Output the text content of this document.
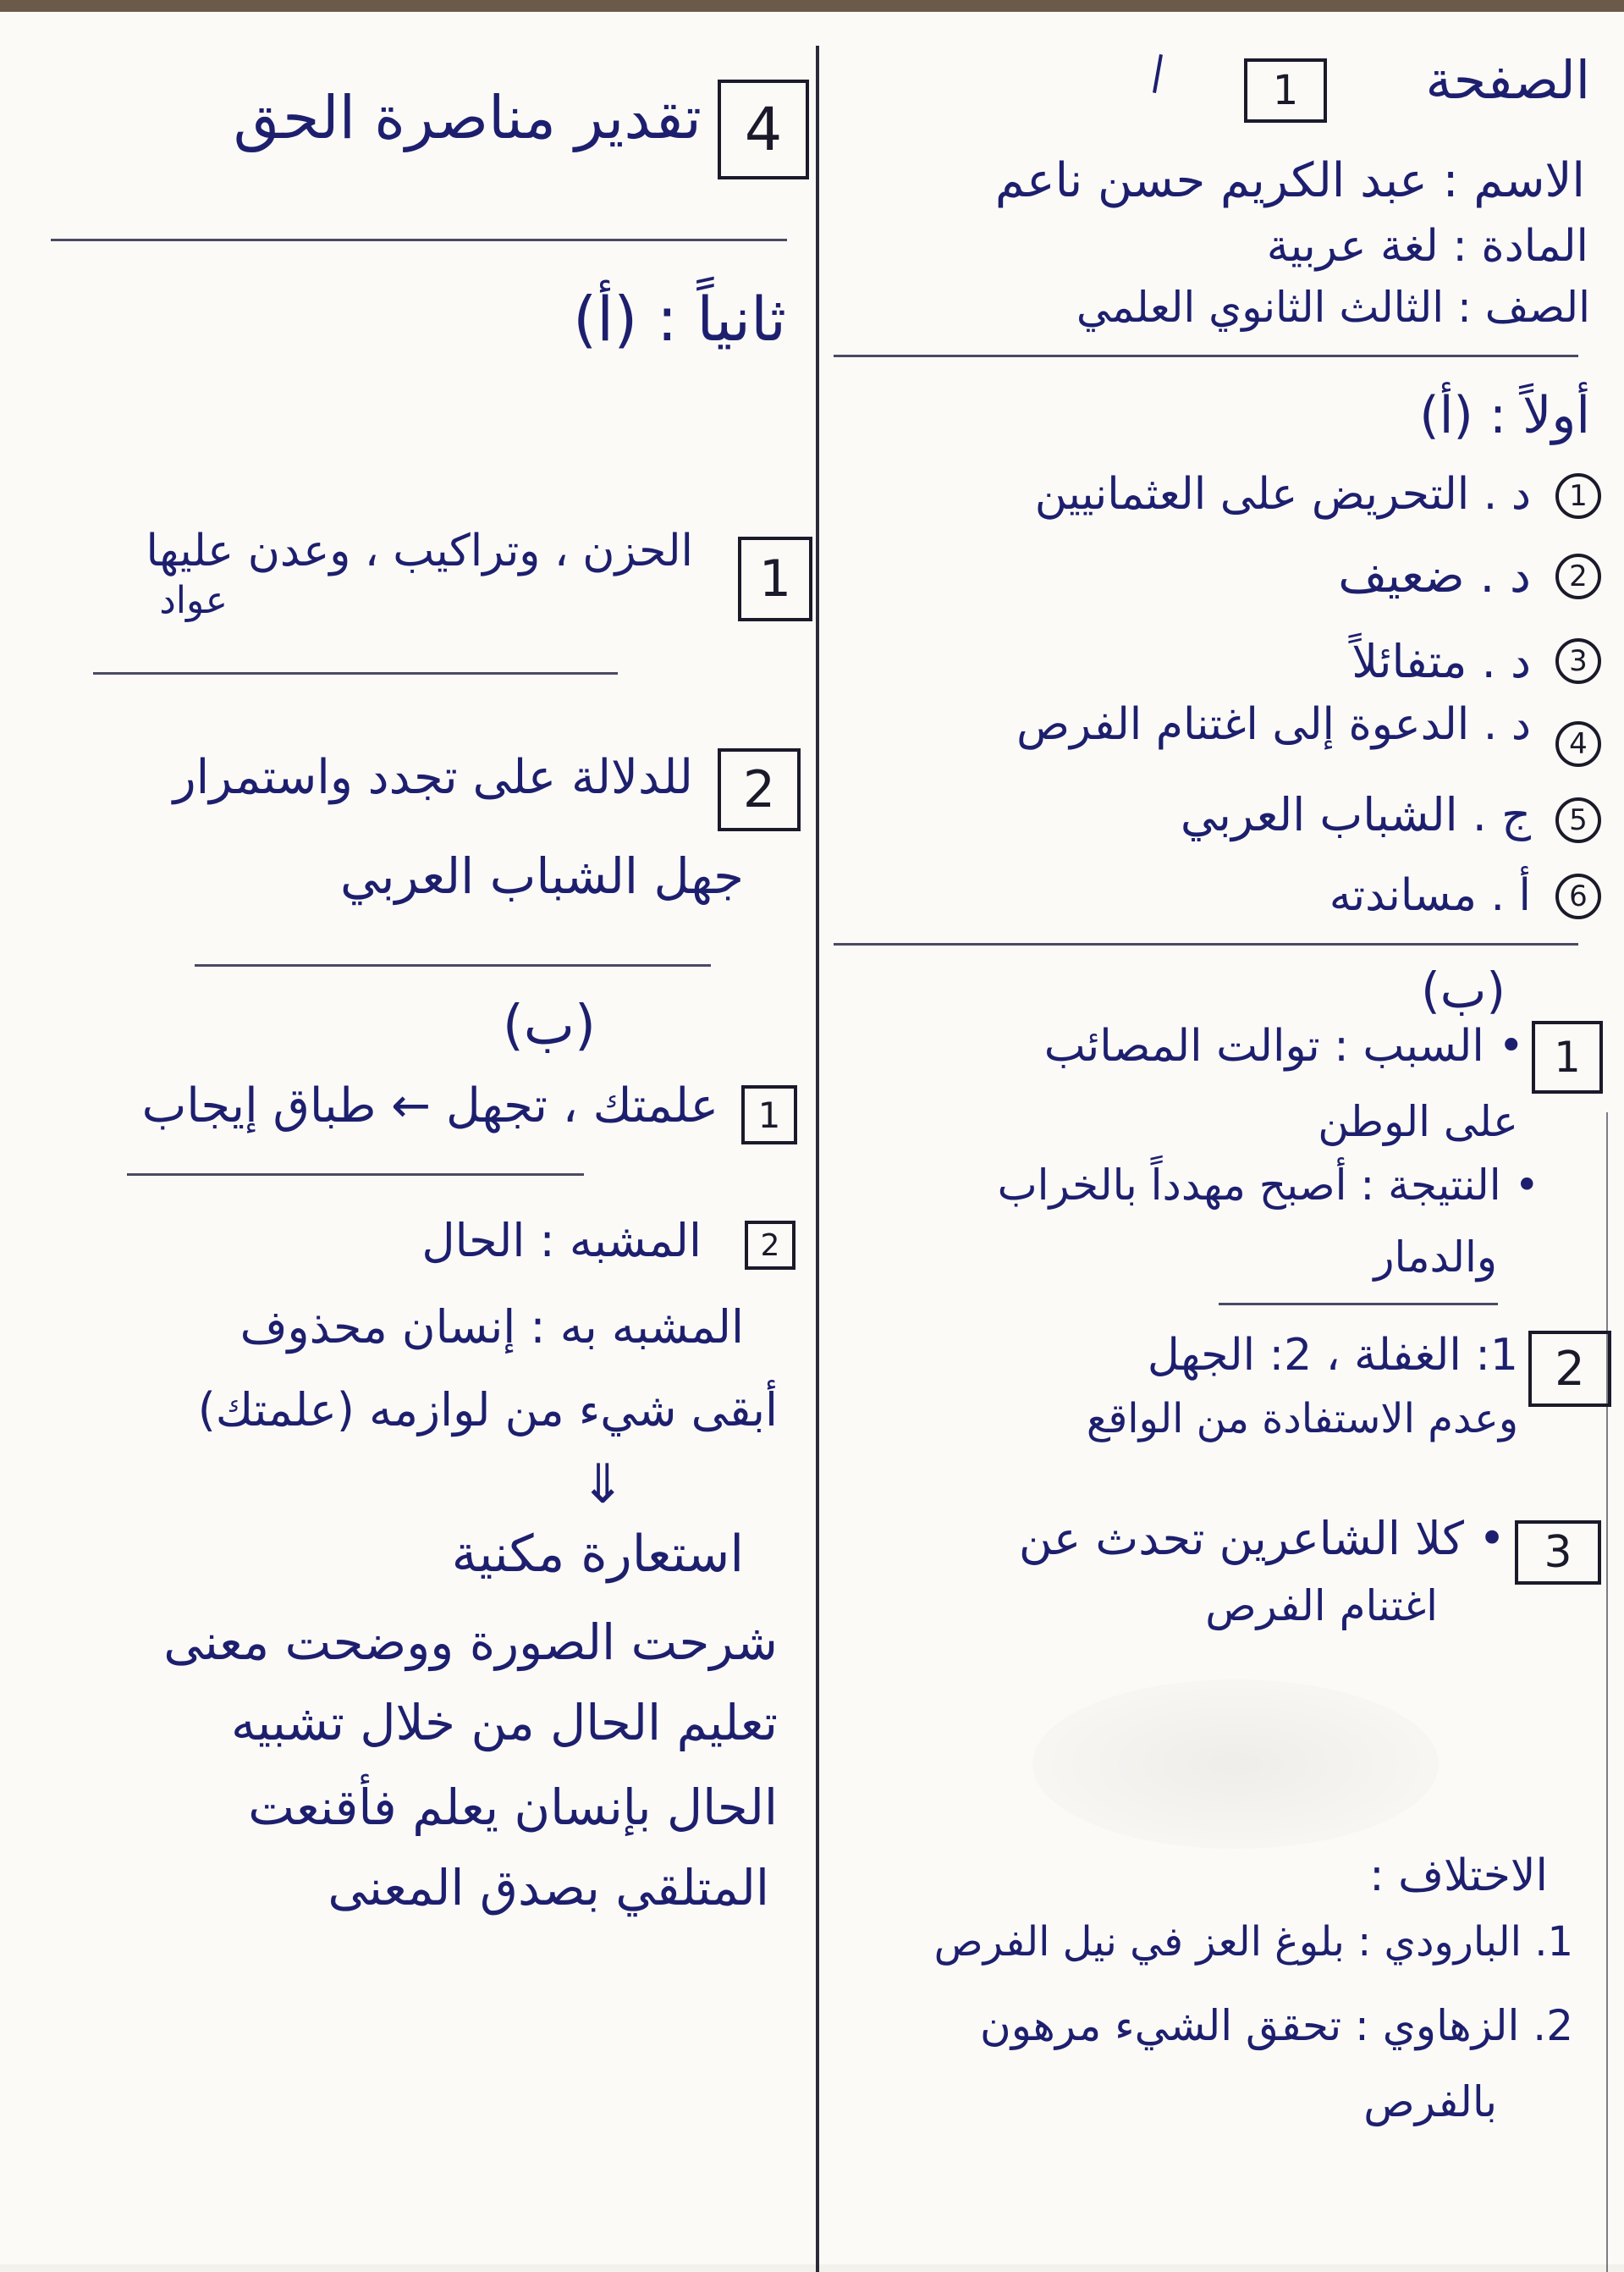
الصفحة
1
الاسم : عبد الكريم حسن ناعم
المادة : لغة عربية
الصف : الثالث الثانوي العلمي
أولاً : (أ)
1
د . التحريض على العثمانيين
2
د . ضعيف
3
د . متفائلاً
4
د . الدعوة إلى اغتنام الفرص
5
ج . الشباب العربي
6
أ . مساندته
(ب)
1
• السبب : توالت المصائب
على الوطن
• النتيجة : أصبح مهدداً بالخراب
والدمار
2
1: الغفلة ، 2: الجهل
وعدم الاستفادة من الواقع
3
• كلا الشاعرين تحدث عن
اغتنام الفرص
الاختلاف :
1. البارودي : بلوغ العز في نيل الفرص
2. الزهاوي : تحقق الشيء مرهون
بالفرص
4
تقدير مناصرة الحق
ثانياً : (أ)
1
الحزن ، وتراكيب ، وعدن عليها
عواد
2
للدلالة على تجدد واستمرار
جهل الشباب العربي
(ب)
1
علمتك ، تجهل ← طباق إيجاب
2
المشبه : الحال
المشبه به : إنسان محذوف
أبقى شيء من لوازمه (علمتك)
⇓
استعارة مكنية
شرحت الصورة ووضحت معنى
تعليم الحال من خلال تشبيه
الحال بإنسان يعلم فأقنعت
المتلقي بصدق المعنى
